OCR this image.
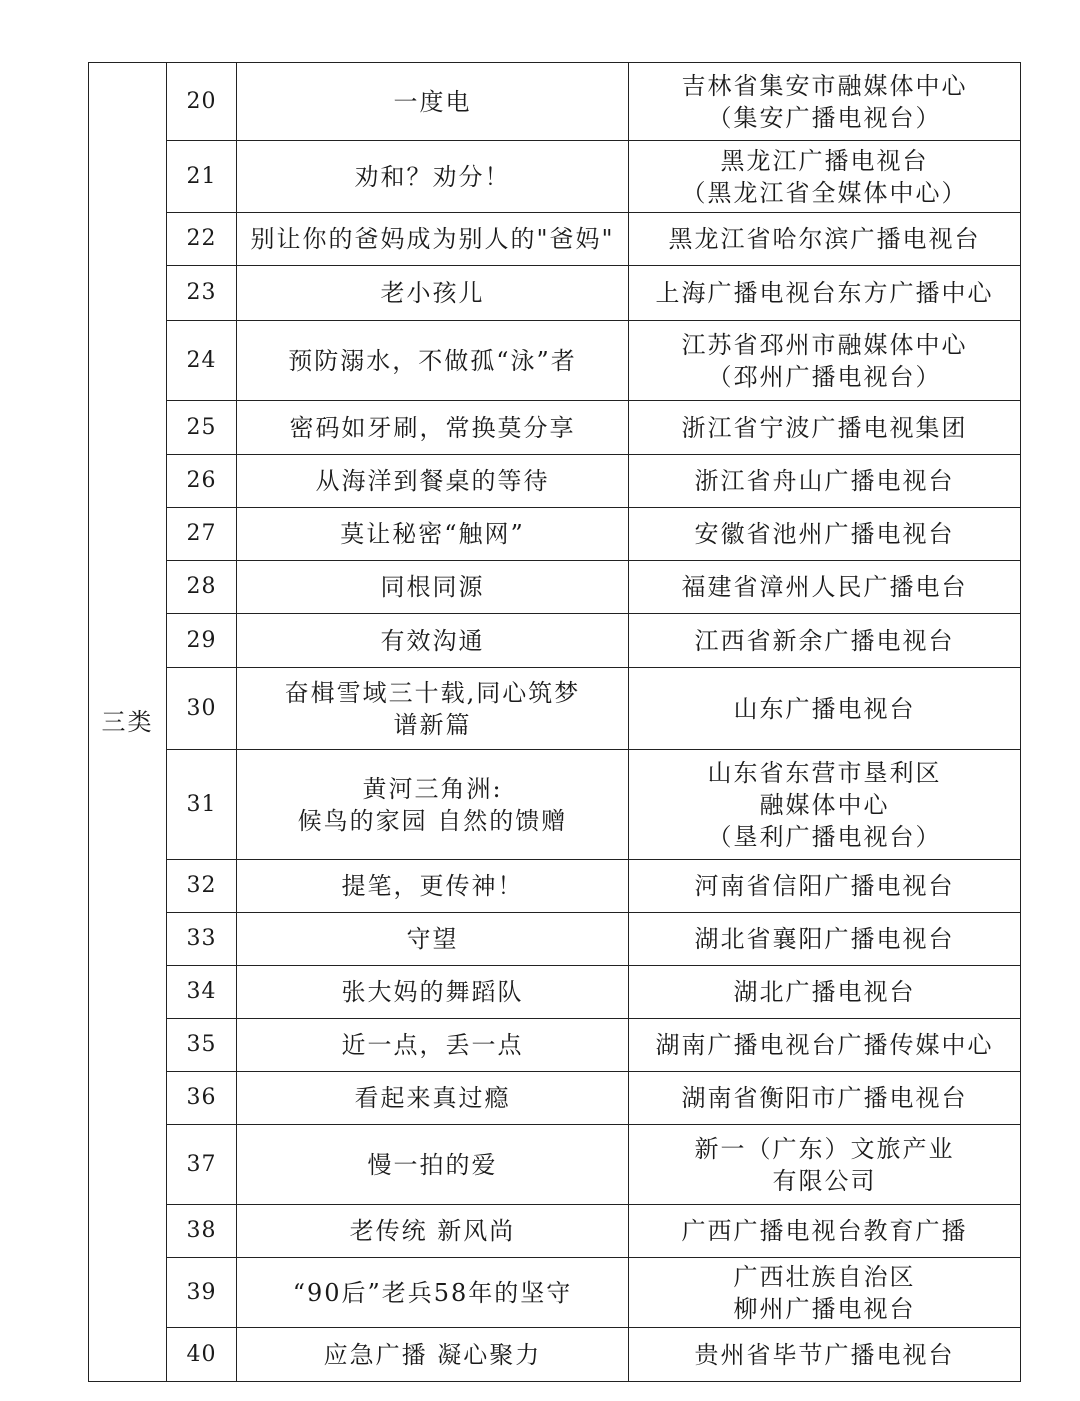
三类	20	一度电	吉林省集安市融媒体中心
（集安广播电视台）

	21	劝和？劝分！	黑龙江广播电视台
（黑龙江省全媒体中心）

	22	别让你的爸妈成为别人的"爸妈"	黑龙江省哈尔滨广播电视台

	23	老小孩儿	上海广播电视台东方广播中心

	24	预防溺水，不做孤“泳”者	江苏省邳州市融媒体中心
（邳州广播电视台）

	25	密码如牙刷，常换莫分享	浙江省宁波广播电视集团

	26	从海洋到餐桌的等待	浙江省舟山广播电视台

	27	莫让秘密“触网”	安徽省池州广播电视台

	28	同根同源	福建省漳州人民广播电台

	29	有效沟通	江西省新余广播电视台

	30	奋楫雪域三十载,同心筑梦
谱新篇	山东广播电视台

	31	黄河三角洲:
候鸟的家园 自然的馈赠	山东省东营市垦利区
融媒体中心
（垦利广播电视台）

	32	提笔，更传神！	河南省信阳广播电视台

	33	守望	湖北省襄阳广播电视台

	34	张大妈的舞蹈队	湖北广播电视台

	35	近一点，丢一点	湖南广播电视台广播传媒中心

	36	看起来真过瘾	湖南省衡阳市广播电视台

	37	慢一拍的爱	新一（广东）文旅产业
有限公司

	38	老传统 新风尚	广西广播电视台教育广播

	39	“90后”老兵58年的坚守	广西壮族自治区
柳州广播电视台

	40	应急广播 凝心聚力	贵州省毕节广播电视台
